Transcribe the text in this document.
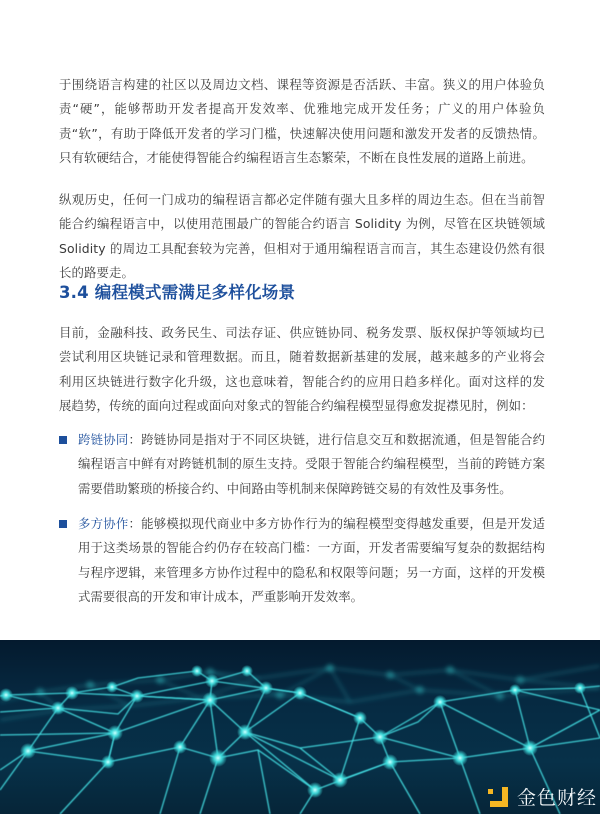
于围绕语言构建的社区以及周边文档、课程等资源是否活跃、丰富。狭义的用户体验负责“硬”，能够帮助开发者提高开发效率、优雅地完成开发任务；广义的用户体验负责“软”，有助于降低开发者的学习门槛，快速解决使用问题和激发开发者的反馈热情。只有软硬结合，才能使得智能合约编程语言生态繁荣，不断在良性发展的道路上前进。

纵观历史，任何一门成功的编程语言都必定伴随有强大且多样的周边生态。但在当前智能合约编程语言中，以使用范围最广的智能合约语言 Solidity 为例，尽管在区块链领域 Solidity 的周边工具配套较为完善，但相对于通用编程语言而言，其生态建设仍然有很长的路要走。

3.4 编程模式需满足多样化场景

目前，金融科技、政务民生、司法存证、供应链协同、税务发票、版权保护等领域均已尝试利用区块链记录和管理数据。而且，随着数据新基建的发展，越来越多的产业将会利用区块链进行数字化升级，这也意味着，智能合约的应用日趋多样化。面对这样的发展趋势，传统的面向过程或面向对象式的智能合约编程模型显得愈发捉襟见肘，例如：

跨链协同：跨链协同是指对于不同区块链，进行信息交互和数据流通，但是智能合约编程语言中鲜有对跨链机制的原生支持。受限于智能合约编程模型，当前的跨链方案需要借助繁琐的桥接合约、中间路由等机制来保障跨链交易的有效性及事务性。
多方协作：能够模拟现代商业中多方协作行为的编程模型变得越发重要，但是开发适用于这类场景的智能合约仍存在较高门槛：一方面，开发者需要编写复杂的数据结构与程序逻辑，来管理多方协作过程中的隐私和权限等问题；另一方面，这样的开发模式需要很高的开发和审计成本，严重影响开发效率。
金色财经
